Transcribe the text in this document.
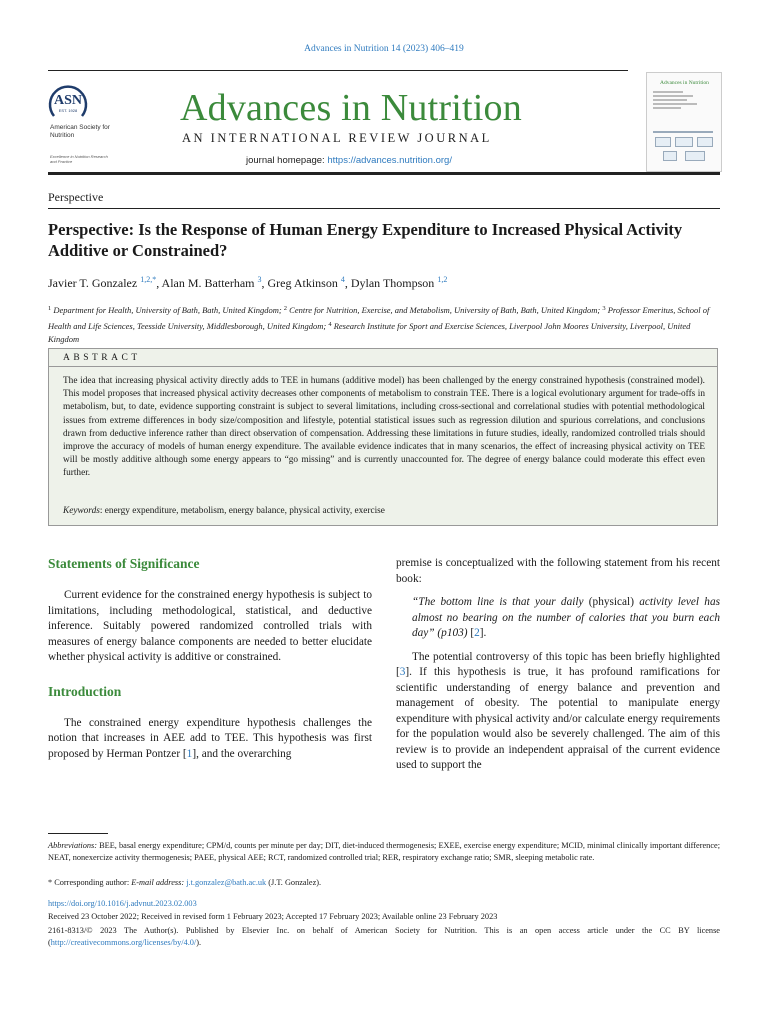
Advances in Nutrition 14 (2023) 406–419
ASN
EST. 1928
American Society for Nutrition
Excellence in Nutrition Research and Practice
Advances in Nutrition
AN INTERNATIONAL REVIEW JOURNAL
journal homepage: https://advances.nutrition.org/
Advances in Nutrition
Perspective
Perspective: Is the Response of Human Energy Expenditure to Increased Physical Activity Additive or Constrained?
Javier T. Gonzalez $^{1,2,*}$, Alan M. Batterham $^3$, Greg Atkinson $^4$, Dylan Thompson $^{1,2}$
$^1$ Department for Health, University of Bath, Bath, United Kingdom; $^2$ Centre for Nutrition, Exercise, and Metabolism, University of Bath, Bath, United Kingdom; $^3$ Professor Emeritus, School of Health and Life Sciences, Teesside University, Middlesborough, United Kingdom; $^4$ Research Institute for Sport and Exercise Sciences, Liverpool John Moores University, Liverpool, United Kingdom
ABSTRACT
The idea that increasing physical activity directly adds to TEE in humans (additive model) has been challenged by the energy constrained hypothesis (constrained model). This model proposes that increased physical activity decreases other components of metabolism to constrain TEE. There is a logical evolutionary argument for trade-offs in metabolism, but, to date, evidence supporting constraint is subject to several limitations, including cross-sectional and correlational studies with potential methodological issues from extreme differences in body size/composition and lifestyle, potential statistical issues such as regression dilution and spurious correlations, and conclusions drawn from deductive inference rather than direct observation of compensation. Addressing these limitations in future studies, ideally, randomized controlled trials should improve the accuracy of models of human energy expenditure. The available evidence indicates that in many scenarios, the effect of increasing physical activity on TEE will be mostly additive although some energy appears to “go missing” and is currently unaccounted for. The degree of energy balance could moderate this effect even further.
Keywords: energy expenditure, metabolism, energy balance, physical activity, exercise
Statements of Significance

Current evidence for the constrained energy hypothesis is subject to limitations, including methodological, statistical, and deductive inference. Suitably powered randomized controlled trials with measures of energy balance components are needed to better elucidate whether physical activity is additive or constrained.

Introduction

The constrained energy expenditure hypothesis challenges the notion that increases in AEE add to TEE. This hypothesis was first proposed by Herman Pontzer [1], and the overarching

premise is conceptualized with the following statement from his recent book:

“The bottom line is that your daily (physical) activity level has almost no bearing on the number of calories that you burn each day” (p103) [2].

The potential controversy of this topic has been briefly highlighted [3]. If this hypothesis is true, it has profound ramifications for scientific understanding of energy balance and prevention and management of obesity. The potential to manipulate energy expenditure with physical activity and/or calculate energy requirements for the population would also be severely challenged. The aim of this review is to provide an independent appraisal of the current evidence used to support the

Abbreviations: BEE, basal energy expenditure; CPM/d, counts per minute per day; DIT, diet-induced thermogenesis; EXEE, exercise energy expenditure; MCID, minimal clinically important difference; NEAT, nonexercize activity thermogenesis; PAEE, physical AEE; RCT, randomized controlled trial; RER, respiratory exchange ratio; SMR, sleeping metabolic rate.
* Corresponding author: E-mail address: j.t.gonzalez@bath.ac.uk (J.T. Gonzalez).
https://doi.org/10.1016/j.advnut.2023.02.003
Received 23 October 2022; Received in revised form 1 February 2023; Accepted 17 February 2023; Available online 23 February 2023
2161-8313/© 2023 The Author(s). Published by Elsevier Inc. on behalf of American Society for Nutrition. This is an open access article under the CC BY license (http://creativecommons.org/licenses/by/4.0/).
